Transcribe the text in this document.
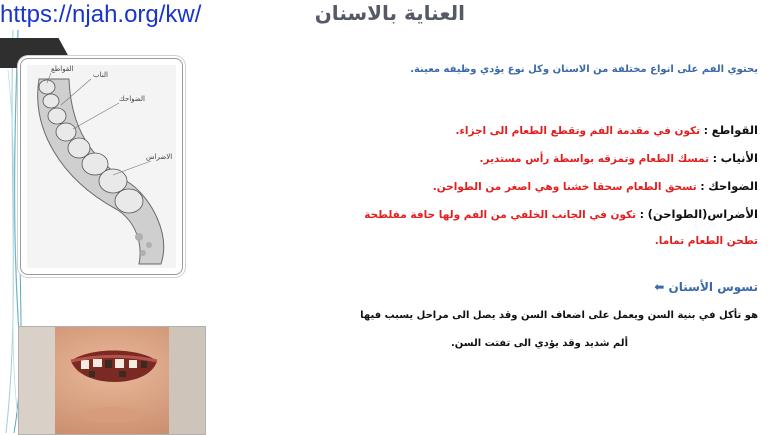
https://njah.org/kw/	العناية بالاسنان
القواطع
الناب
الضواحك
الاضراس
يحتوي الفم على انواع مختلفة من الاسنان وكل نوع يؤدي وظيفه معينة.
القواطع : تكون في مقدمة الفم وتقطع الطعام الى اجزاء.
الأنياب : تمسك الطعام وتمزقه بواسطة رأس مستدير.
الضواحك : تسحق الطعام سحقا خشنا وهي اصغر من الطواحن.
الأضراس(الطواحن) : تكون في الجانب الخلفي من الفم ولها حافة مفلطحة
تطحن الطعام تماما.
تسوس الأسنان ⬅
هو تأكل في بنية السن ويعمل على اضعاف السن وقد يصل الى مراحل يسبب فيها
ألم شديد وقد يؤدي الى تفتت السن.
